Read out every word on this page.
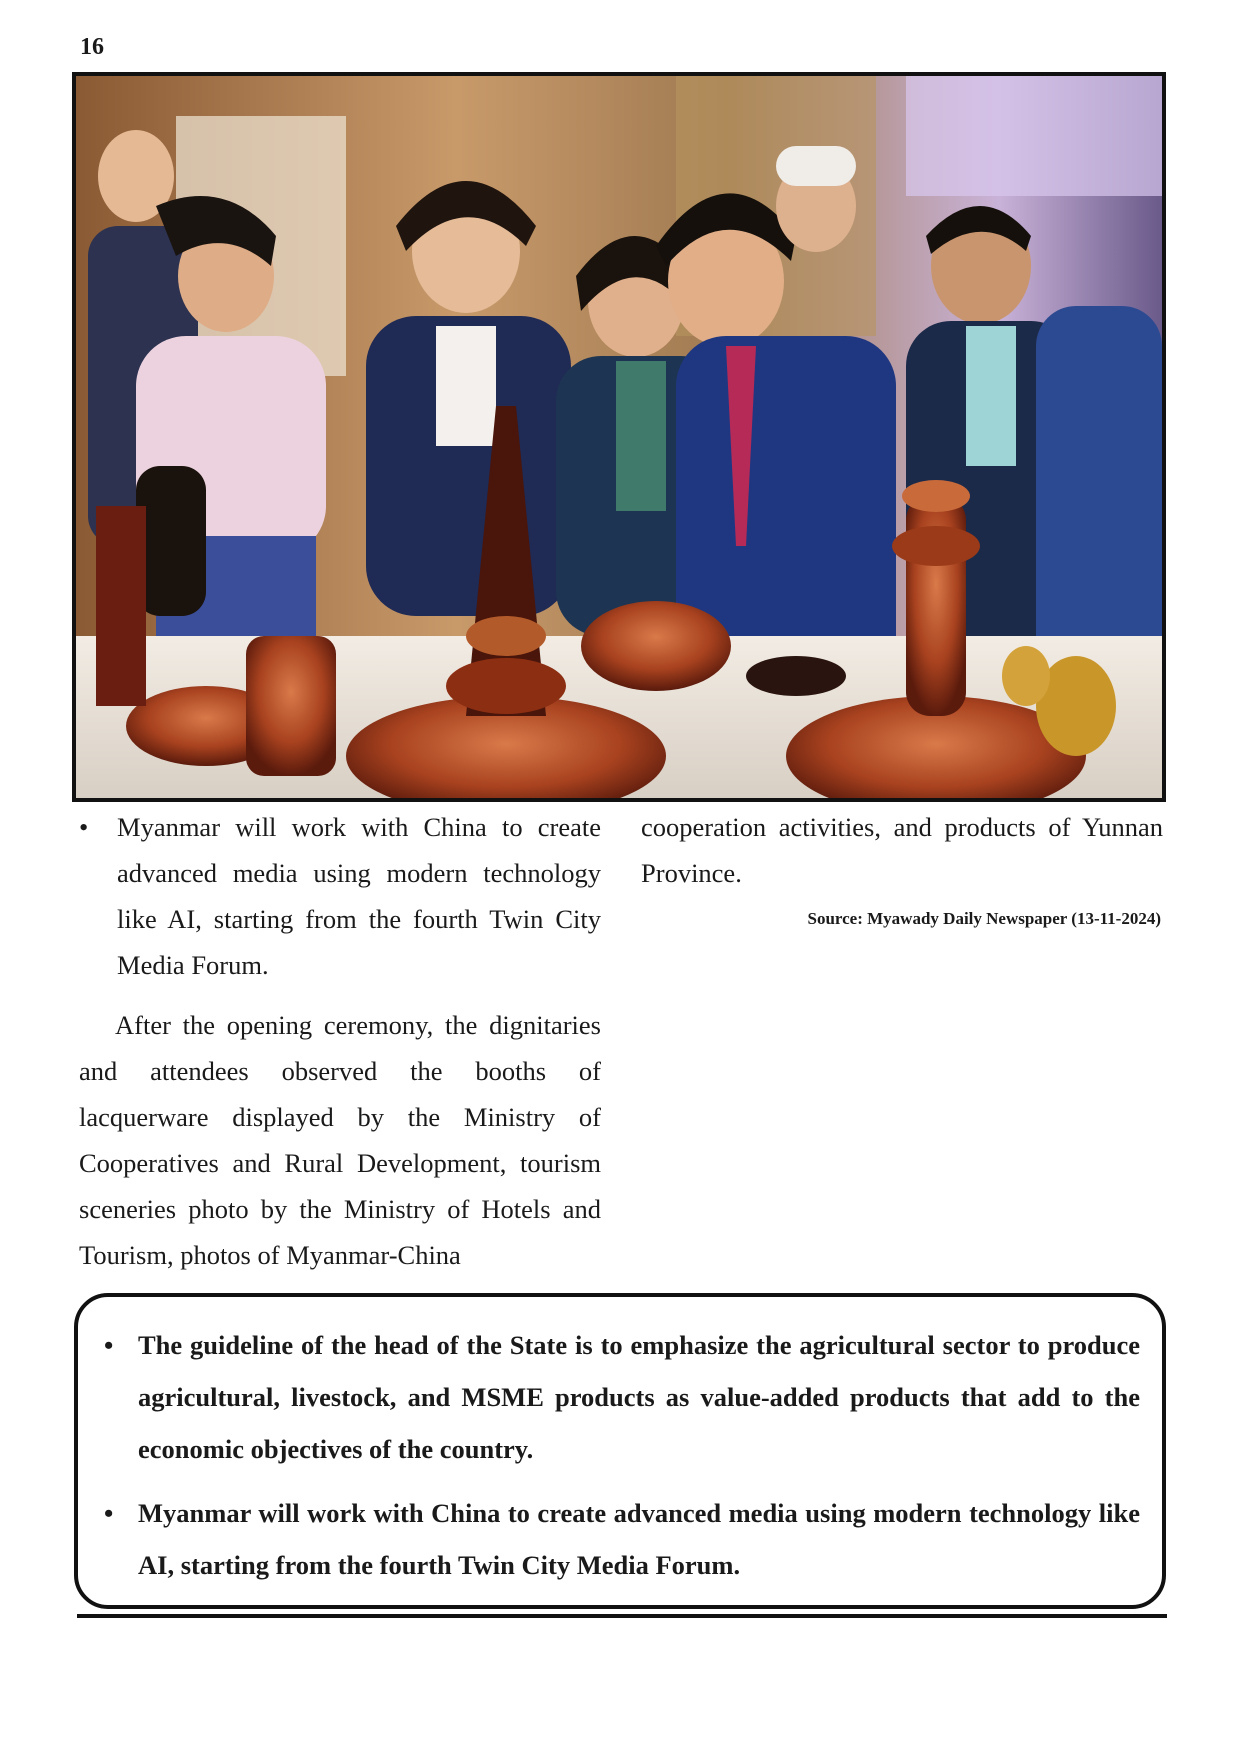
16
• Myanmar will work with China to create advanced media using modern technology like AI, starting from the fourth Twin City Media Forum.
After the opening ceremony, the dignitaries and attendees observed the booths of lacquerware displayed by the Ministry of Cooperatives and Rural Development, tourism sceneries photo by the Ministry of Hotels and Tourism, photos of Myanmar-China
cooperation activities, and products of Yunnan Province.
Source: Myawady Daily Newspaper (13-11-2024)
• The guideline of the head of the State is to emphasize the agricultural sector to produce agricultural, livestock, and MSME products as value-added products that add to the economic objectives of the country.
• Myanmar will work with China to create advanced media using modern technology like AI, starting from the fourth Twin City Media Forum.
